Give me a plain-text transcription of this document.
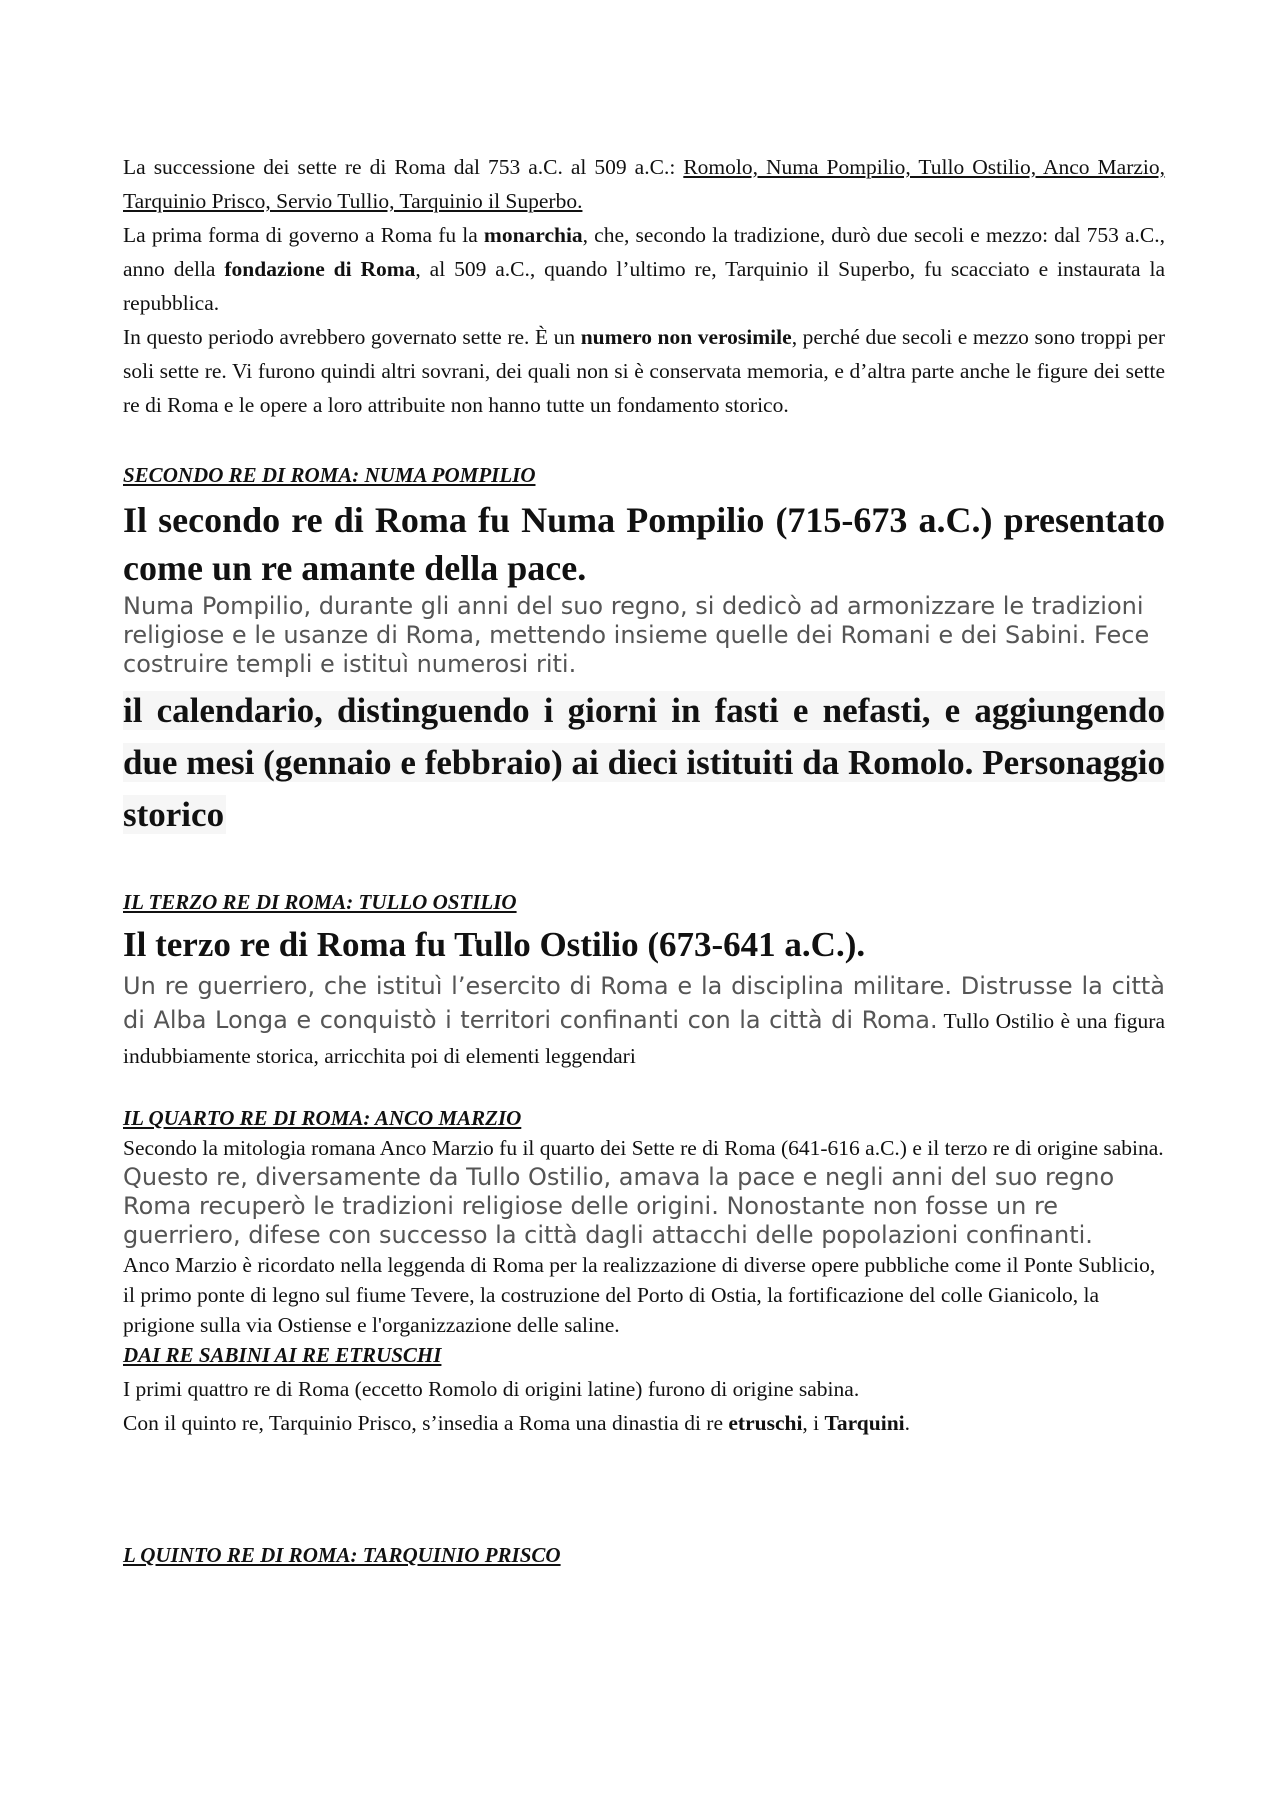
La successione dei sette re di Roma dal 753 a.C. al 509 a.C.: Romolo, Numa Pompilio, Tullo Ostilio, Anco Marzio, Tarquinio Prisco, Servio Tullio, Tarquinio il Superbo.

La prima forma di governo a Roma fu la monarchia, che, secondo la tradizione, durò due secoli e mezzo: dal 753 a.C., anno della fondazione di Roma, al 509 a.C., quando l’ultimo re, Tarquinio il Superbo, fu scacciato e instaurata la repubblica.

In questo periodo avrebbero governato sette re. È un numero non verosimile, perché due secoli e mezzo sono troppi per soli sette re. Vi furono quindi altri sovrani, dei quali non si è conservata memoria, e d’altra parte anche le figure dei sette re di Roma e le opere a loro attribuite non hanno tutte un fondamento storico.

SECONDO RE DI ROMA: NUMA POMPILIO

Il secondo re di Roma fu Numa Pompilio (715-673 a.C.) presentato come un re amante della pace.

Numa Pompilio, durante gli anni del suo regno, si dedicò ad armonizzare le tradizioni religiose e le usanze di Roma, mettendo insieme quelle dei Romani e dei Sabini. Fece costruire templi e istituì numerosi riti.

il calendario, distinguendo i giorni in fasti e nefasti, e aggiungendo due mesi (gennaio e febbraio) ai dieci istituiti da Romolo. Personaggio storico

IL TERZO RE DI ROMA: TULLO OSTILIO

Il terzo re di Roma fu Tullo Ostilio (673-641 a.C.).

Un re guerriero, che istituì l’esercito di Roma e la disciplina militare. Distrusse la città di Alba Longa e conquistò i territori confinanti con la città di Roma. Tullo Ostilio è una figura indubbiamente storica, arricchita poi di elementi leggendari

IL QUARTO RE DI ROMA: ANCO MARZIO

Secondo la mitologia romana Anco Marzio fu il quarto dei Sette re di Roma (641-616 a.C.) e il terzo re di origine sabina.

Questo re, diversamente da Tullo Ostilio, amava la pace e negli anni del suo regno Roma recuperò le tradizioni religiose delle origini. Nonostante non fosse un re guerriero, difese con successo la città dagli attacchi delle popolazioni confinanti.

Anco Marzio è ricordato nella leggenda di Roma per la realizzazione di diverse opere pubbliche come il Ponte Sublicio, il primo ponte di legno sul fiume Tevere, la costruzione del Porto di Ostia, la fortificazione del colle Gianicolo, la prigione sulla via Ostiense e l'organizzazione delle saline.

DAI RE SABINI AI RE ETRUSCHI

I primi quattro re di Roma (eccetto Romolo di origini latine) furono di origine sabina.

Con il quinto re, Tarquinio Prisco, s’insedia a Roma una dinastia di re etruschi, i Tarquini.

L QUINTO RE DI ROMA: TARQUINIO PRISCO
